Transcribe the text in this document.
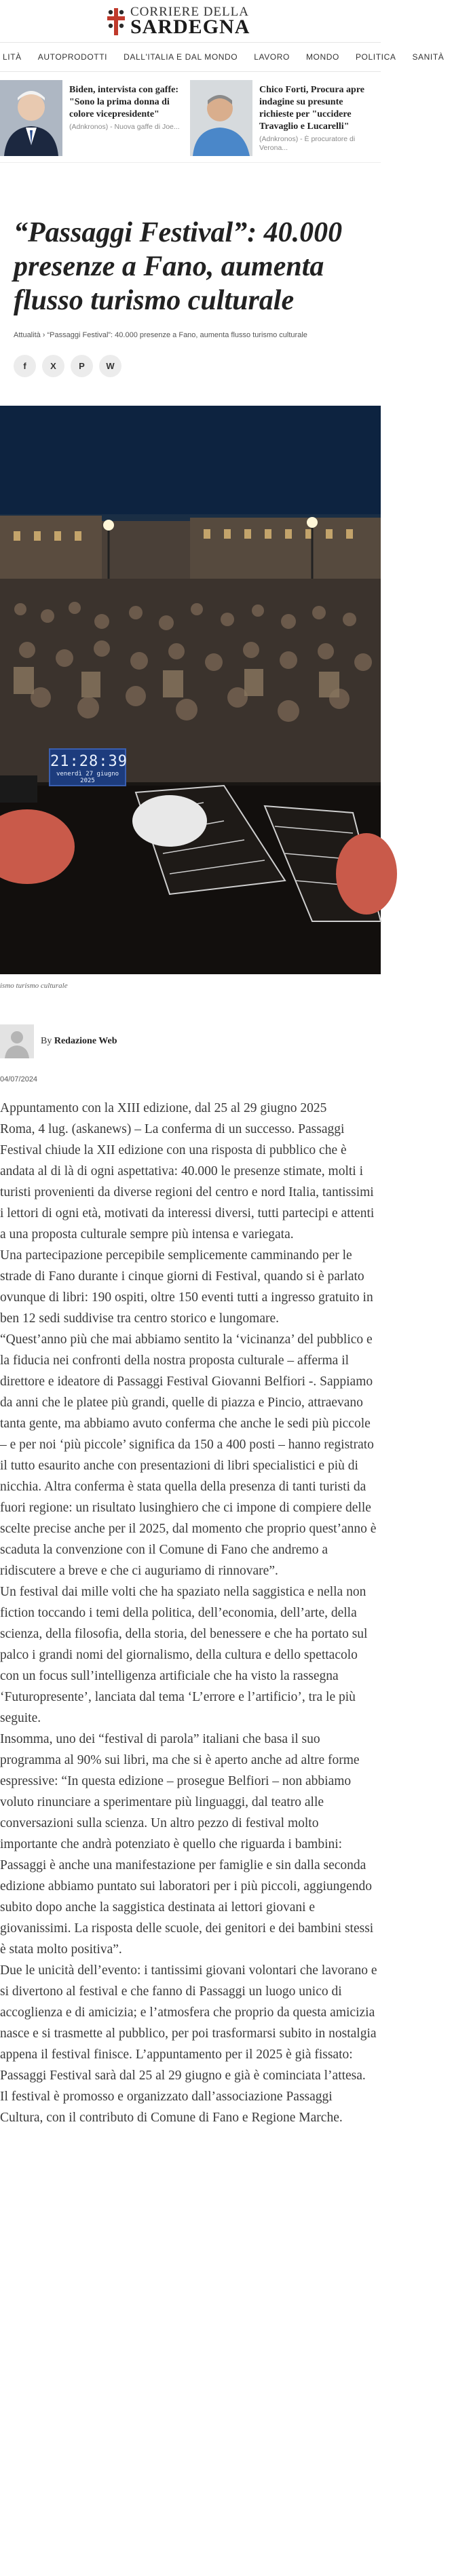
CORRIERE DELLA
SARDEGNA
LITÀ	AUTOPRODOTTI	DALL'ITALIA E DAL MONDO	LAVORO	MONDO	POLITICA	SANITÀ
Biden, intervista con gaffe: "Sono la prima donna di colore vicepresidente"
(Adnkronos) - Nuova gaffe di Joe...
Chico Forti, Procura apre indagine su presunte richieste per "uccidere Travaglio e Lucarelli"
(Adnkronos) - È procuratore di Verona...
“Passaggi Festival”: 40.000 presenze a Fano, aumenta flusso turismo culturale
Attualità › “Passaggi Festival”: 40.000 presenze a Fano, aumenta flusso turismo culturale
f	X	P W
21:28:39
venerdì 27 giugno 2025
ismo turismo culturale
By Redazione Web
04/07/2024

Appuntamento con la XIII edizione, dal 25 al 29 giugno 2025

Roma, 4 lug. (askanews) – La conferma di un successo. Passaggi Festival chiude la XII edizione con una risposta di pubblico che è andata al di là di ogni aspettativa: 40.000 le presenze stimate, molti i turisti provenienti da diverse regioni del centro e nord Italia, tantissimi i lettori di ogni età, motivati da interessi diversi, tutti partecipi e attenti a una proposta culturale sempre più intensa e variegata.

Una partecipazione percepibile semplicemente camminando per le strade di Fano durante i cinque giorni di Festival, quando si è parlato ovunque di libri: 190 ospiti, oltre 150 eventi tutti a ingresso gratuito in ben 12 sedi suddivise tra centro storico e lungomare.

“Quest’anno più che mai abbiamo sentito la ‘vicinanza’ del pubblico e la fiducia nei confronti della nostra proposta culturale – afferma il direttore e ideatore di Passaggi Festival Giovanni Belfiori -. Sappiamo da anni che le platee più grandi, quelle di piazza e Pincio, attraevano tanta gente, ma abbiamo avuto conferma che anche le sedi più piccole – e per noi ‘più piccole’ significa da 150 a 400 posti – hanno registrato il tutto esaurito anche con presentazioni di libri specialistici e più di nicchia. Altra conferma è stata quella della presenza di tanti turisti da fuori regione: un risultato lusinghiero che ci impone di compiere delle scelte precise anche per il 2025, dal momento che proprio quest’anno è scaduta la convenzione con il Comune di Fano che andremo a ridiscutere a breve e che ci auguriamo di rinnovare”.

Un festival dai mille volti che ha spaziato nella saggistica e nella non fiction toccando i temi della politica, dell’economia, dell’arte, della scienza, della filosofia, della storia, del benessere e che ha portato sul palco i grandi nomi del giornalismo, della cultura e dello spettacolo con un focus sull’intelligenza artificiale che ha visto la rassegna ‘Futuropresente’, lanciata dal tema ‘L’errore e l’artificio’, tra le più seguite.

Insomma, uno dei “festival di parola” italiani che basa il suo programma al 90% sui libri, ma che si è aperto anche ad altre forme espressive: “In questa edizione – prosegue Belfiori – non abbiamo voluto rinunciare a sperimentare più linguaggi, dal teatro alle conversazioni sulla scienza. Un altro pezzo di festival molto importante che andrà potenziato è quello che riguarda i bambini: Passaggi è anche una manifestazione per famiglie e sin dalla seconda edizione abbiamo puntato sui laboratori per i più piccoli, aggiungendo subito dopo anche la saggistica destinata ai lettori giovani e giovanissimi. La risposta delle scuole, dei genitori e dei bambini stessi è stata molto positiva”.

Due le unicità dell’evento: i tantissimi giovani volontari che lavorano e si divertono al festival e che fanno di Passaggi un luogo unico di accoglienza e di amicizia; e l’atmosfera che proprio da questa amicizia nasce e si trasmette al pubblico, per poi trasformarsi subito in nostalgia appena il festival finisce. L’appuntamento per il 2025 è già fissato: Passaggi Festival sarà dal 25 al 29 giugno e già è cominciata l’attesa.

Il festival è promosso e organizzato dall’associazione Passaggi Cultura, con il contributo di Comune di Fano e Regione Marche.
